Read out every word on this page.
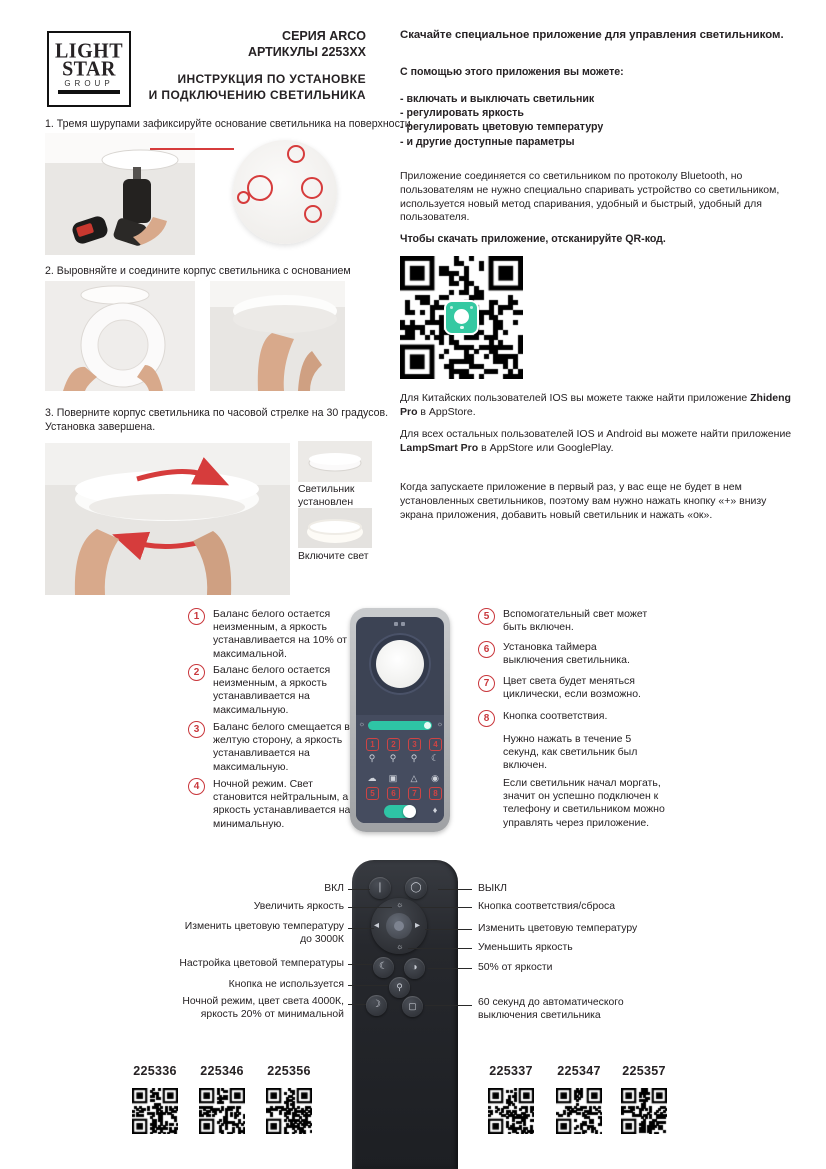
LIGHT
STAR
GROUP
СЕРИЯ ARCO
АРТИКУЛЫ 2253XX
ИНСТРУКЦИЯ ПО УСТАНОВКЕ
И ПОДКЛЮЧЕНИЮ СВЕТИЛЬНИКА
1. Тремя шурупами зафиксируйте основание светильника на поверхности
2. Выровняйте и соедините корпус светильника с основанием
3. Поверните корпус светильника по часовой стрелке на 30 градусов.
Установка завершена.
Светильник установлен
Включите свет
Скачайте специальное приложение для управления светильником.
С помощью этого приложения вы можете:
- включать и выключать светильник
- регулировать яркость
- регулировать цветовую температуру
- и другие доступные параметры
Приложение соединяется со светильником по протоколу Bluetooth, но пользователям не нужно специально спаривать устройство со светильником, используется новый метод спаривания, удобный и быстрый, удобный для пользователя.
Чтобы скачать приложение, отсканируйте QR-код.
Для Китайских пользователей IOS вы можете также найти приложение Zhideng Pro в AppStore.
Для всех остальных пользователей IOS и Android вы можете найти приложение LampSmart Pro в AppStore или GooglePlay.
Когда запускаете приложение в первый раз, у вас еще не будет в нем установленных светильников, поэтому вам нужно нажать кнопку «+» внизу экрана приложения, добавить новый светильник и нажать «ок».
1	Баланс белого остается неизменным, а яркость устанавливается на 10% от максимальной.
2	Баланс белого остается неизменным, а яркость устанавливается на максимальную.
3	Баланс белого смещается в желтую сторону, а яркость устанавливается на максимальную.
4	Ночной режим. Свет становится нейтральным, а яркость устанавливается на минимальную.
5	Вспомогательный свет может быть включен.
6	Установка таймера выключения светильника.
7	Цвет света будет меняться циклически, если возможно.
8	Кнопка соответствия.
Нужно нажать в течение 5 секунд, как светильник был включен.
Если светильник начал моргать, значит он успешно подключен к телефону и светильником можно управлять через приложение.
☼	☼
1	2	3	4
⚲	⚲	⚲	☾
☁	▣	△	◉
5	6	7	8
♦
❘	◯
☼
☼
◂	▸
☾	◑
⚲
☽	▢
ВКЛ
Увеличить яркость
Изменить цветовую температуру до 3000К
Настройка цветовой температуры
Кнопка не используется
Ночной режим, цвет света 4000К, яркость 20% от минимальной
ВЫКЛ
Кнопка соответствия/сброса
Изменить цветовую температуру
Уменьшить яркость
50% от яркости
60 секунд до автоматического выключения светильника
225336	225346	225356	225337	225347	225357
